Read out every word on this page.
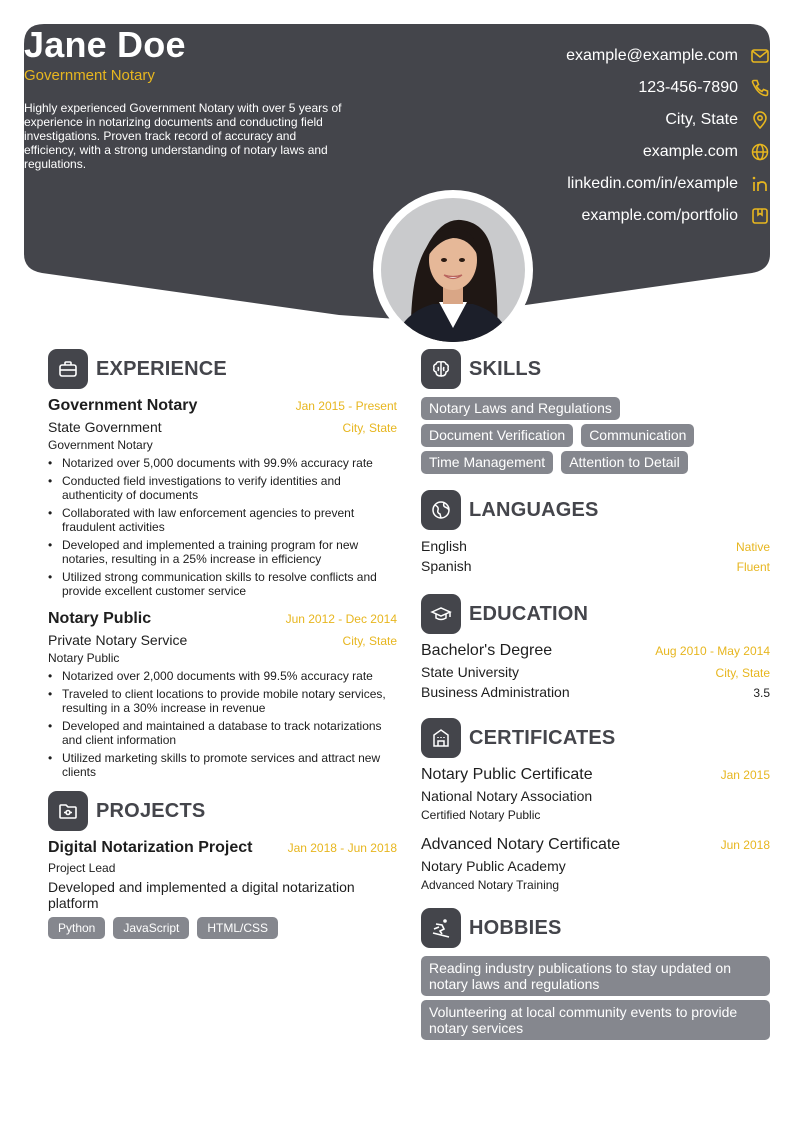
Jane Doe
Government Notary
Highly experienced Government Notary with over 5 years of experience in notarizing documents and conducting field investigations. Proven track record of accuracy and efficiency, with a strong understanding of notary laws and regulations.
example@example.com
123-456-7890
City, State
example.com
linkedin.com/in/example
example.com/portfolio
EXPERIENCE
Government Notary	Jan 2015 - Present
State Government	City, State
Government Notary
• Notarized over 5,000 documents with 99.9% accuracy rate
• Conducted field investigations to verify identities and authenticity of documents
• Collaborated with law enforcement agencies to prevent fraudulent activities
• Developed and implemented a training program for new notaries, resulting in a 25% increase in efficiency
• Utilized strong communication skills to resolve conflicts and provide excellent customer service
Notary Public	Jun 2012 - Dec 2014
Private Notary Service	City, State
Notary Public
• Notarized over 2,000 documents with 99.5% accuracy rate
• Traveled to client locations to provide mobile notary services, resulting in a 30% increase in revenue
• Developed and maintained a database to track notarizations and client information
• Utilized marketing skills to promote services and attract new clients
PROJECTS
Digital Notarization Project	Jan 2018 - Jun 2018
Project Lead
Developed and implemented a digital notarization platform
Python	JavaScript	HTML/CSS
SKILLS
Notary Laws and Regulations
Document Verification	Communication
Time Management	Attention to Detail
LANGUAGES
English	Native
Spanish	Fluent
EDUCATION
Bachelor's Degree	Aug 2010 - May 2014
State University	City, State
Business Administration	3.5
CERTIFICATES
Notary Public Certificate	Jan 2015
National Notary Association
Certified Notary Public
Advanced Notary Certificate	Jun 2018
Notary Public Academy
Advanced Notary Training
HOBBIES
Reading industry publications to stay updated on notary laws and regulations
Volunteering at local community events to provide notary services
